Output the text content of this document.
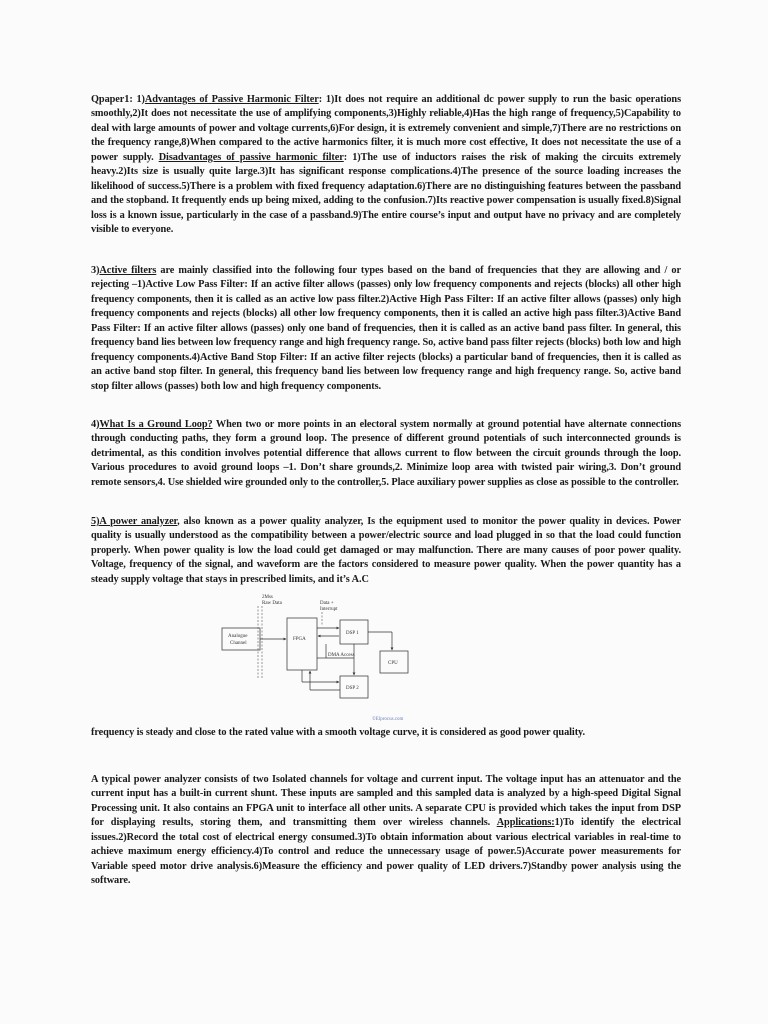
Qpaper1: 1)Advantages of Passive Harmonic Filter: 1)It does not require an additional dc power supply to run the basic operations smoothly,2)It does not necessitate the use of amplifying components,3)Highly reliable,4)Has the high range of frequency,5)Capability to deal with large amounts of power and voltage currents,6)For design, it is extremely convenient and simple,7)There are no restrictions on the frequency range,8)When compared to the active harmonics filter, it is much more cost effective, It does not necessitate the use of a power supply. Disadvantages of passive harmonic filter: 1)The use of inductors raises the risk of making the circuits extremely heavy.2)Its size is usually quite large.3)It has significant response complications.4)The presence of the source loading increases the likelihood of success.5)There is a problem with fixed frequency adaptation.6)There are no distinguishing features between the passband and the stopband. It frequently ends up being mixed, adding to the confusion.7)Its reactive power compensation is usually fixed.8)Signal loss is a known issue, particularly in the case of a passband.9)The entire course’s input and output have no privacy and are completely visible to everyone.
3)Active filters are mainly classified into the following four types based on the band of frequencies that they are allowing and / or rejecting –1)Active Low Pass Filter: If an active filter allows (passes) only low frequency components and rejects (blocks) all other high frequency components, then it is called as an active low pass filter.2)Active High Pass Filter: If an active filter allows (passes) only high frequency components and rejects (blocks) all other low frequency components, then it is called an active high pass filter.3)Active Band Pass Filter: If an active filter allows (passes) only one band of frequencies, then it is called as an active band pass filter. In general, this frequency band lies between low frequency range and high frequency range. So, active band pass filter rejects (blocks) both low and high frequency components.4)Active Band Stop Filter: If an active filter rejects (blocks) a particular band of frequencies, then it is called as an active band stop filter. In general, this frequency band lies between low frequency range and high frequency range. So, active band stop filter allows (passes) both low and high frequency components.
4)What Is a Ground Loop? When two or more points in an electoral system normally at ground potential have alternate connections through conducting paths, they form a ground loop. The presence of different ground potentials of such interconnected grounds is detrimental, as this condition involves potential difference that allows current to flow between the circuit grounds through the loop. Various procedures to avoid ground loops –1. Don’t share grounds,2. Minimize loop area with twisted pair wiring,3. Don’t ground remote sensors,4. Use shielded wire grounded only to the controller,5. Place auxiliary power supplies as close as possible to the controller.
5)A power analyzer, also known as a power quality analyzer, Is the equipment used to monitor the power quality in devices. Power quality is usually understood as the compatibility between a power/electric source and load plugged in so that the load could function properly. When power quality is low the load could get damaged or may malfunction. There are many causes of poor power quality. Voltage, frequency of the signal, and waveform are the factors considered to measure power quality. When the power quantity has a steady supply voltage that stays in prescribed limits, and it’s A.C
2Mss
Raw Data	Data +
Interrupt
Analogue
Channel
FPGA
DSP 1
CPU
DMA Access
DSP 2
©Elprocus.com
frequency is steady and close to the rated value with a smooth voltage curve, it is considered as good power quality.
A typical power analyzer consists of two Isolated channels for voltage and current input. The voltage input has an attenuator and the current input has a built-in current shunt. These inputs are sampled and this sampled data is analyzed by a high-speed Digital Signal Processing unit. It also contains an FPGA unit to interface all other units. A separate CPU is provided which takes the input from DSP for displaying results, storing them, and transmitting them over wireless channels. Applications:1)To identify the electrical issues.2)Record the total cost of electrical energy consumed.3)To obtain information about various electrical variables in real-time to achieve maximum energy efficiency.4)To control and reduce the unnecessary usage of power.5)Accurate power measurements for Variable speed motor drive analysis.6)Measure the efficiency and power quality of LED drivers.7)Standby power analysis using the software.
